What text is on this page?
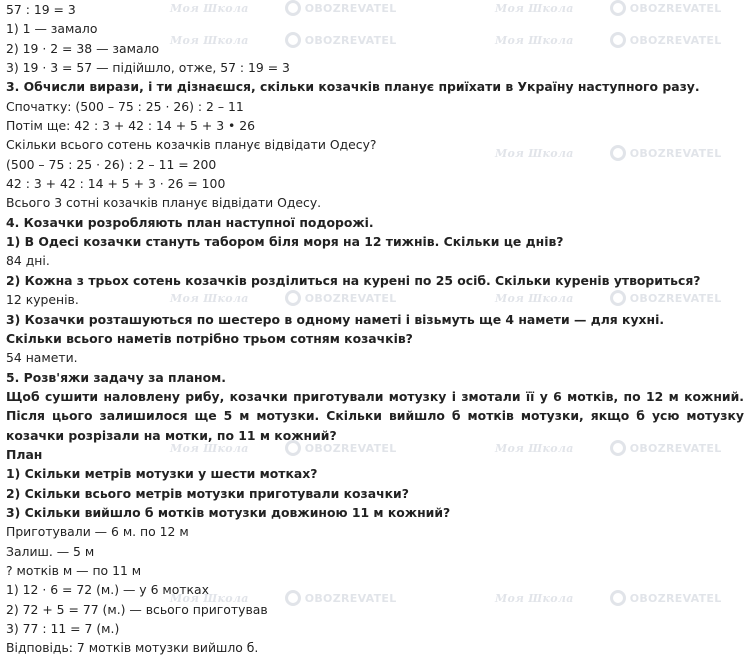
Моя Школа	OBOZREVATEL	Моя Школа	OBOZREVATEL
Моя Школа	OBOZREVATEL	Моя Школа	OBOZREVATEL
Моя Школа	OBOZREVATEL
Моя Школа	OBOZREVATEL	Моя Школа	OBOZREVATEL
Моя Школа	OBOZREVATEL	Моя Школа	OBOZREVATEL
Моя Школа	OBOZREVATEL	Моя Школа	OBOZREVATEL
57 : 19 = 3
1) 1 — замало
2) 19 · 2 = 38 — замало
3) 19 · 3 = 57 — підійшло, отже, 57 : 19 = 3
3. Обчисли вирази, і ти дізнаєшся, скільки козачків планує приїхати в Україну наступного разу.
Спочатку: (500 – 75 : 25 · 26) : 2 – 11
Потім ще: 42 : 3 + 42 : 14 + 5 + 3 • 26
Скільки всього сотень козачків планує відвідати Одесу?
(500 – 75 : 25 · 26) : 2 – 11 = 200
42 : 3 + 42 : 14 + 5 + 3 · 26 = 100
Всього 3 сотні козачків планує відвідати Одесу.
4. Козачки розробляють план наступної подорожі.
1) В Одесі козачки стануть табором біля моря на 12 тижнів. Скільки це днів?
84 дні.
2) Кожна з трьох сотень козачків розділиться на курені по 25 осіб. Скільки куренів утвориться?
12 куренів.
3) Козачки розташуються по шестеро в одному наметі і візьмуть ще 4 намети — для кухні.
Скільки всього наметів потрібно трьом сотням козачків?
54 намети.
5. Розв'яжи задачу за планом.
Щоб сушити наловлену рибу, козачки приготували мотузку і змотали її у 6 мотків, по 12 м кожний. Після цього залишилося ще 5 м мотузки. Скільки вийшло б мотків мотузки, якщо б усю мотузку козачки розрізали на мотки, по 11 м кожний?
План
1) Скільки метрів мотузки у шести мотках?
2) Скільки всього метрів мотузки приготували козачки?
3) Скільки вийшло б мотків мотузки довжиною 11 м кожний?
Приготували — 6 м. по 12 м
Залиш. — 5 м
? мотків м — по 11 м
1) 12 · 6 = 72 (м.) — у 6 мотках
2) 72 + 5 = 77 (м.) — всього приготував
3) 77 : 11 = 7 (м.)
Відповідь: 7 мотків мотузки вийшло б.
